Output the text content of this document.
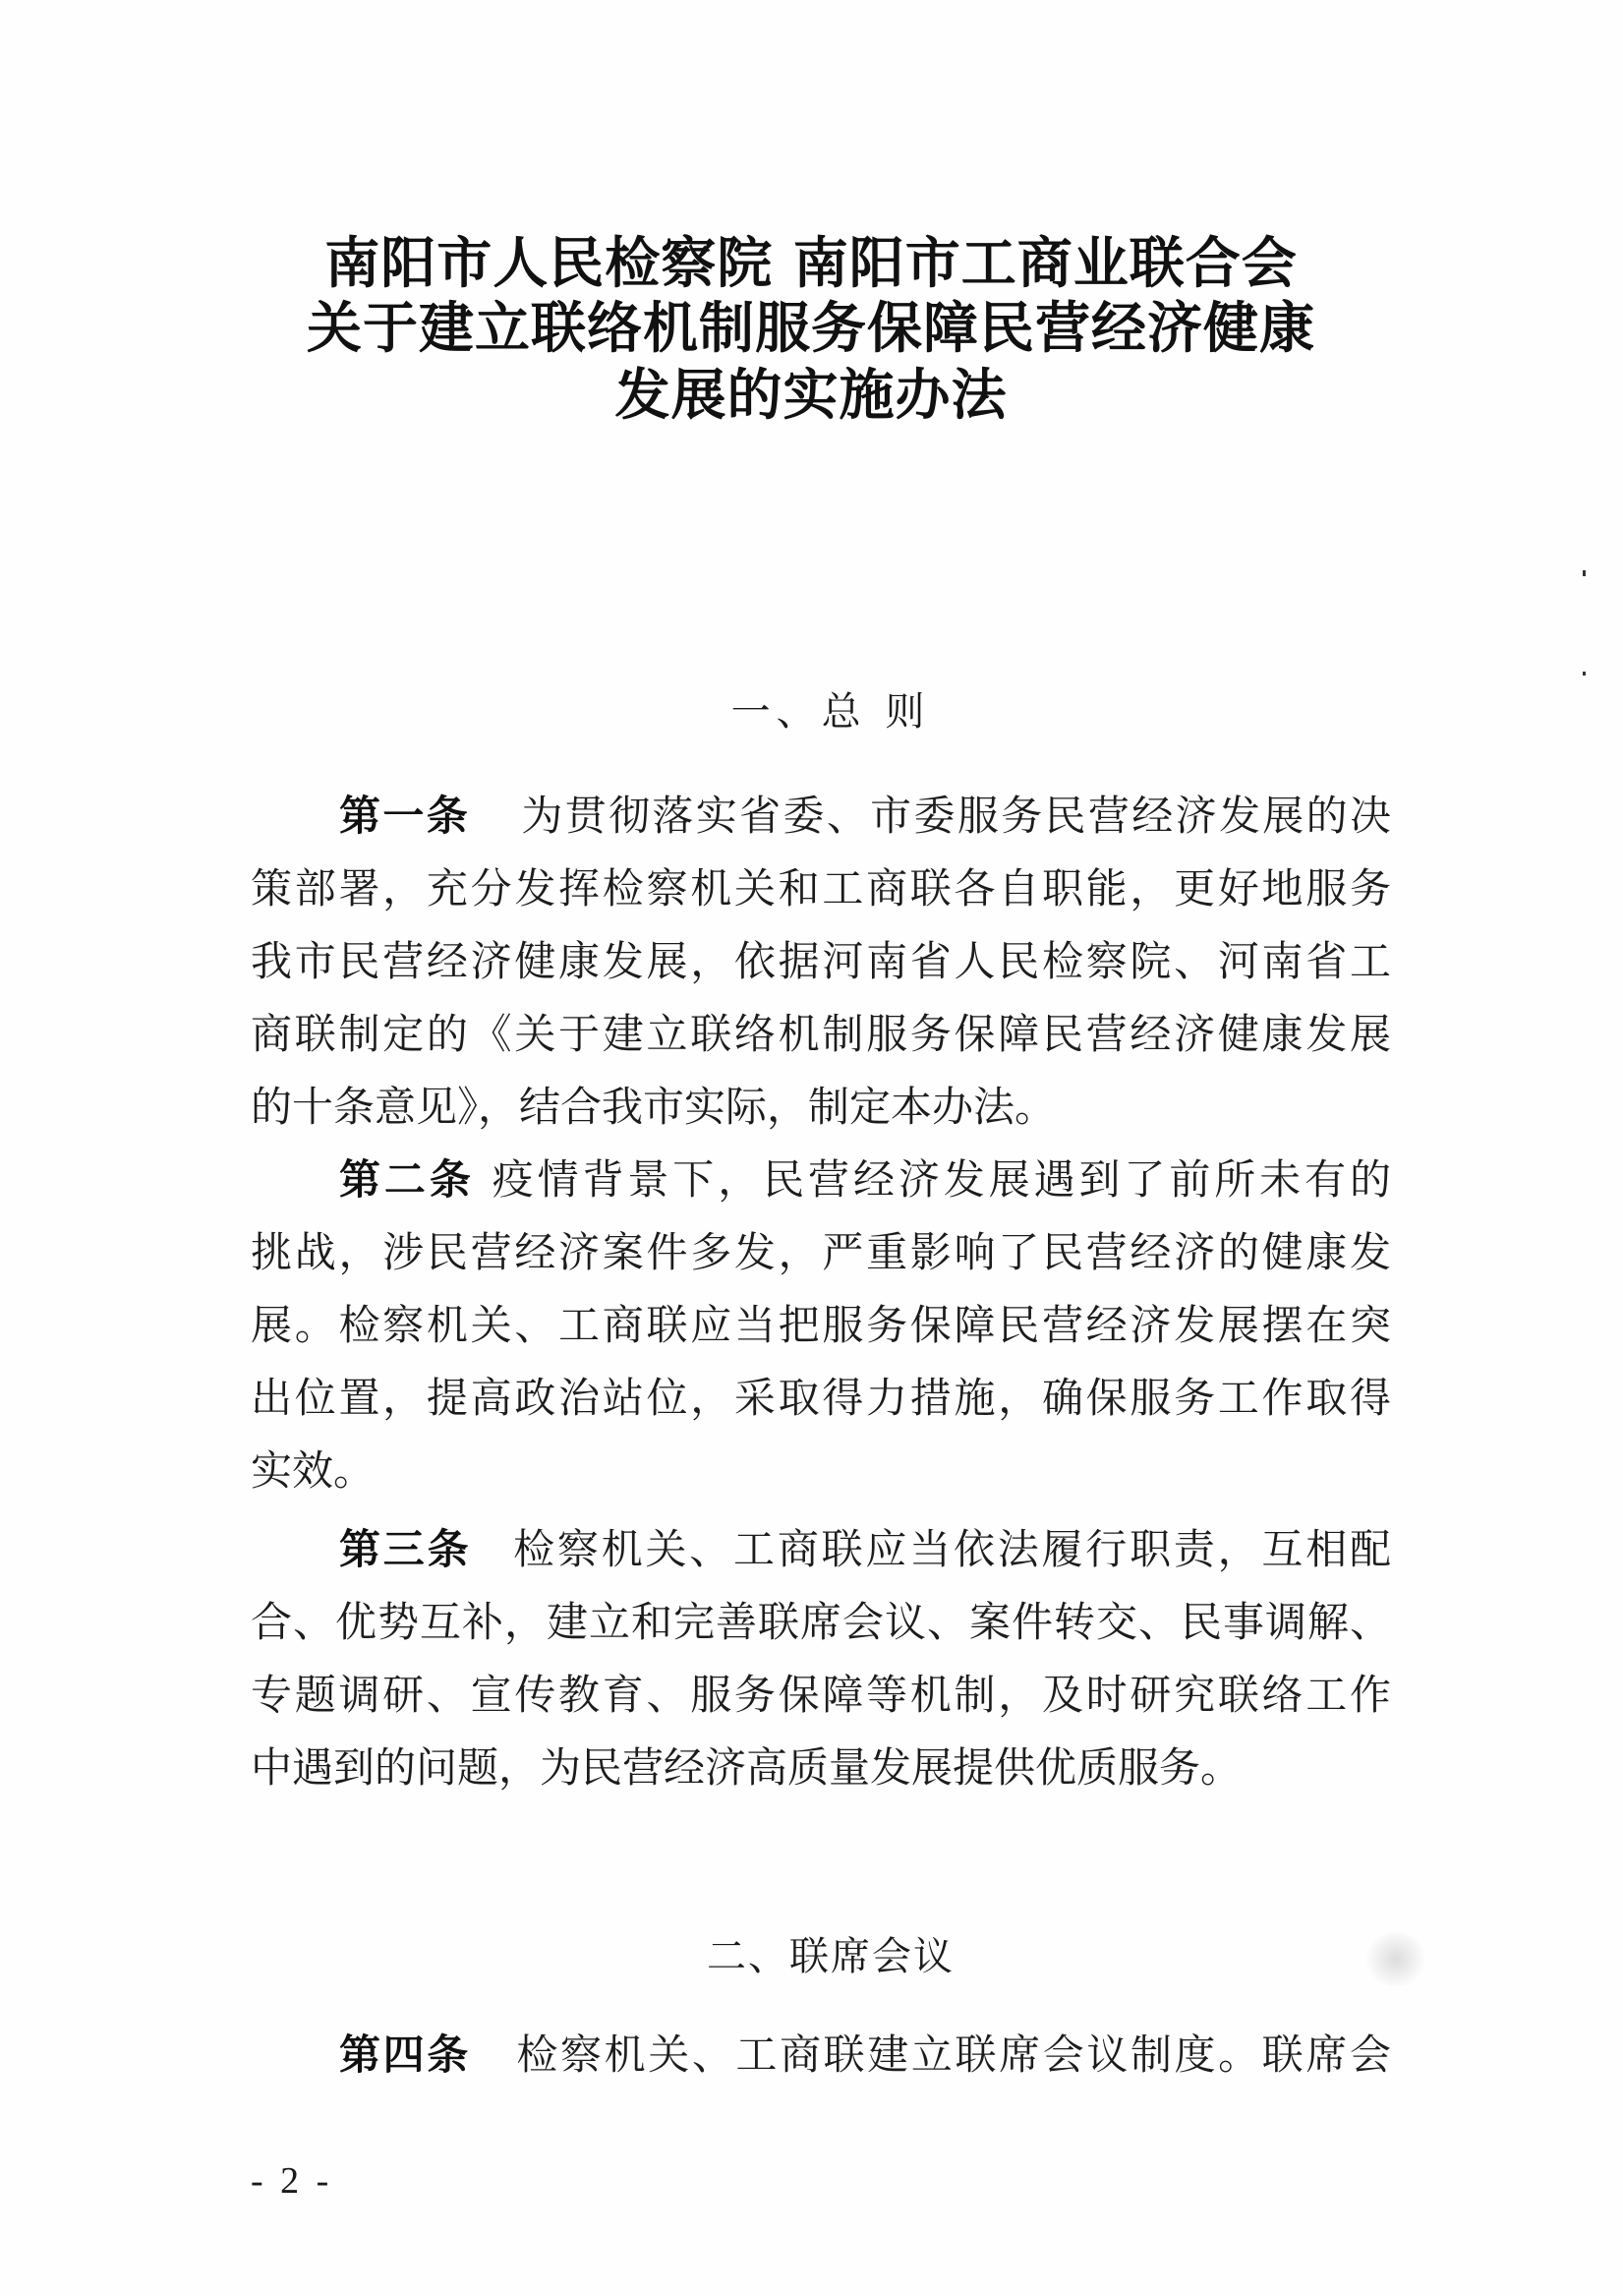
南阳市人民检察院 南阳市工商业联合会
关于建立联络机制服务保障民营经济健康
发展的实施办法
一、总 则
第一条 为贯彻落实省委、市委服务民营经济发展的决
策部署，充分发挥检察机关和工商联各自职能，更好地服务
我市民营经济健康发展，依据河南省人民检察院、河南省工
商联制定的《关于建立联络机制服务保障民营经济健康发展
的十条意见》，结合我市实际，制定本办法。
第二条 疫情背景下，民营经济发展遇到了前所未有的
挑战，涉民营经济案件多发，严重影响了民营经济的健康发
展。检察机关、工商联应当把服务保障民营经济发展摆在突
出位置，提高政治站位，采取得力措施，确保服务工作取得
实效。
第三条 检察机关、工商联应当依法履行职责，互相配
合、优势互补，建立和完善联席会议、案件转交、民事调解、
专题调研、宣传教育、服务保障等机制，及时研究联络工作
中遇到的问题，为民营经济高质量发展提供优质服务。
二、联席会议
第四条 检察机关、工商联建立联席会议制度。联席会
- 2 -
